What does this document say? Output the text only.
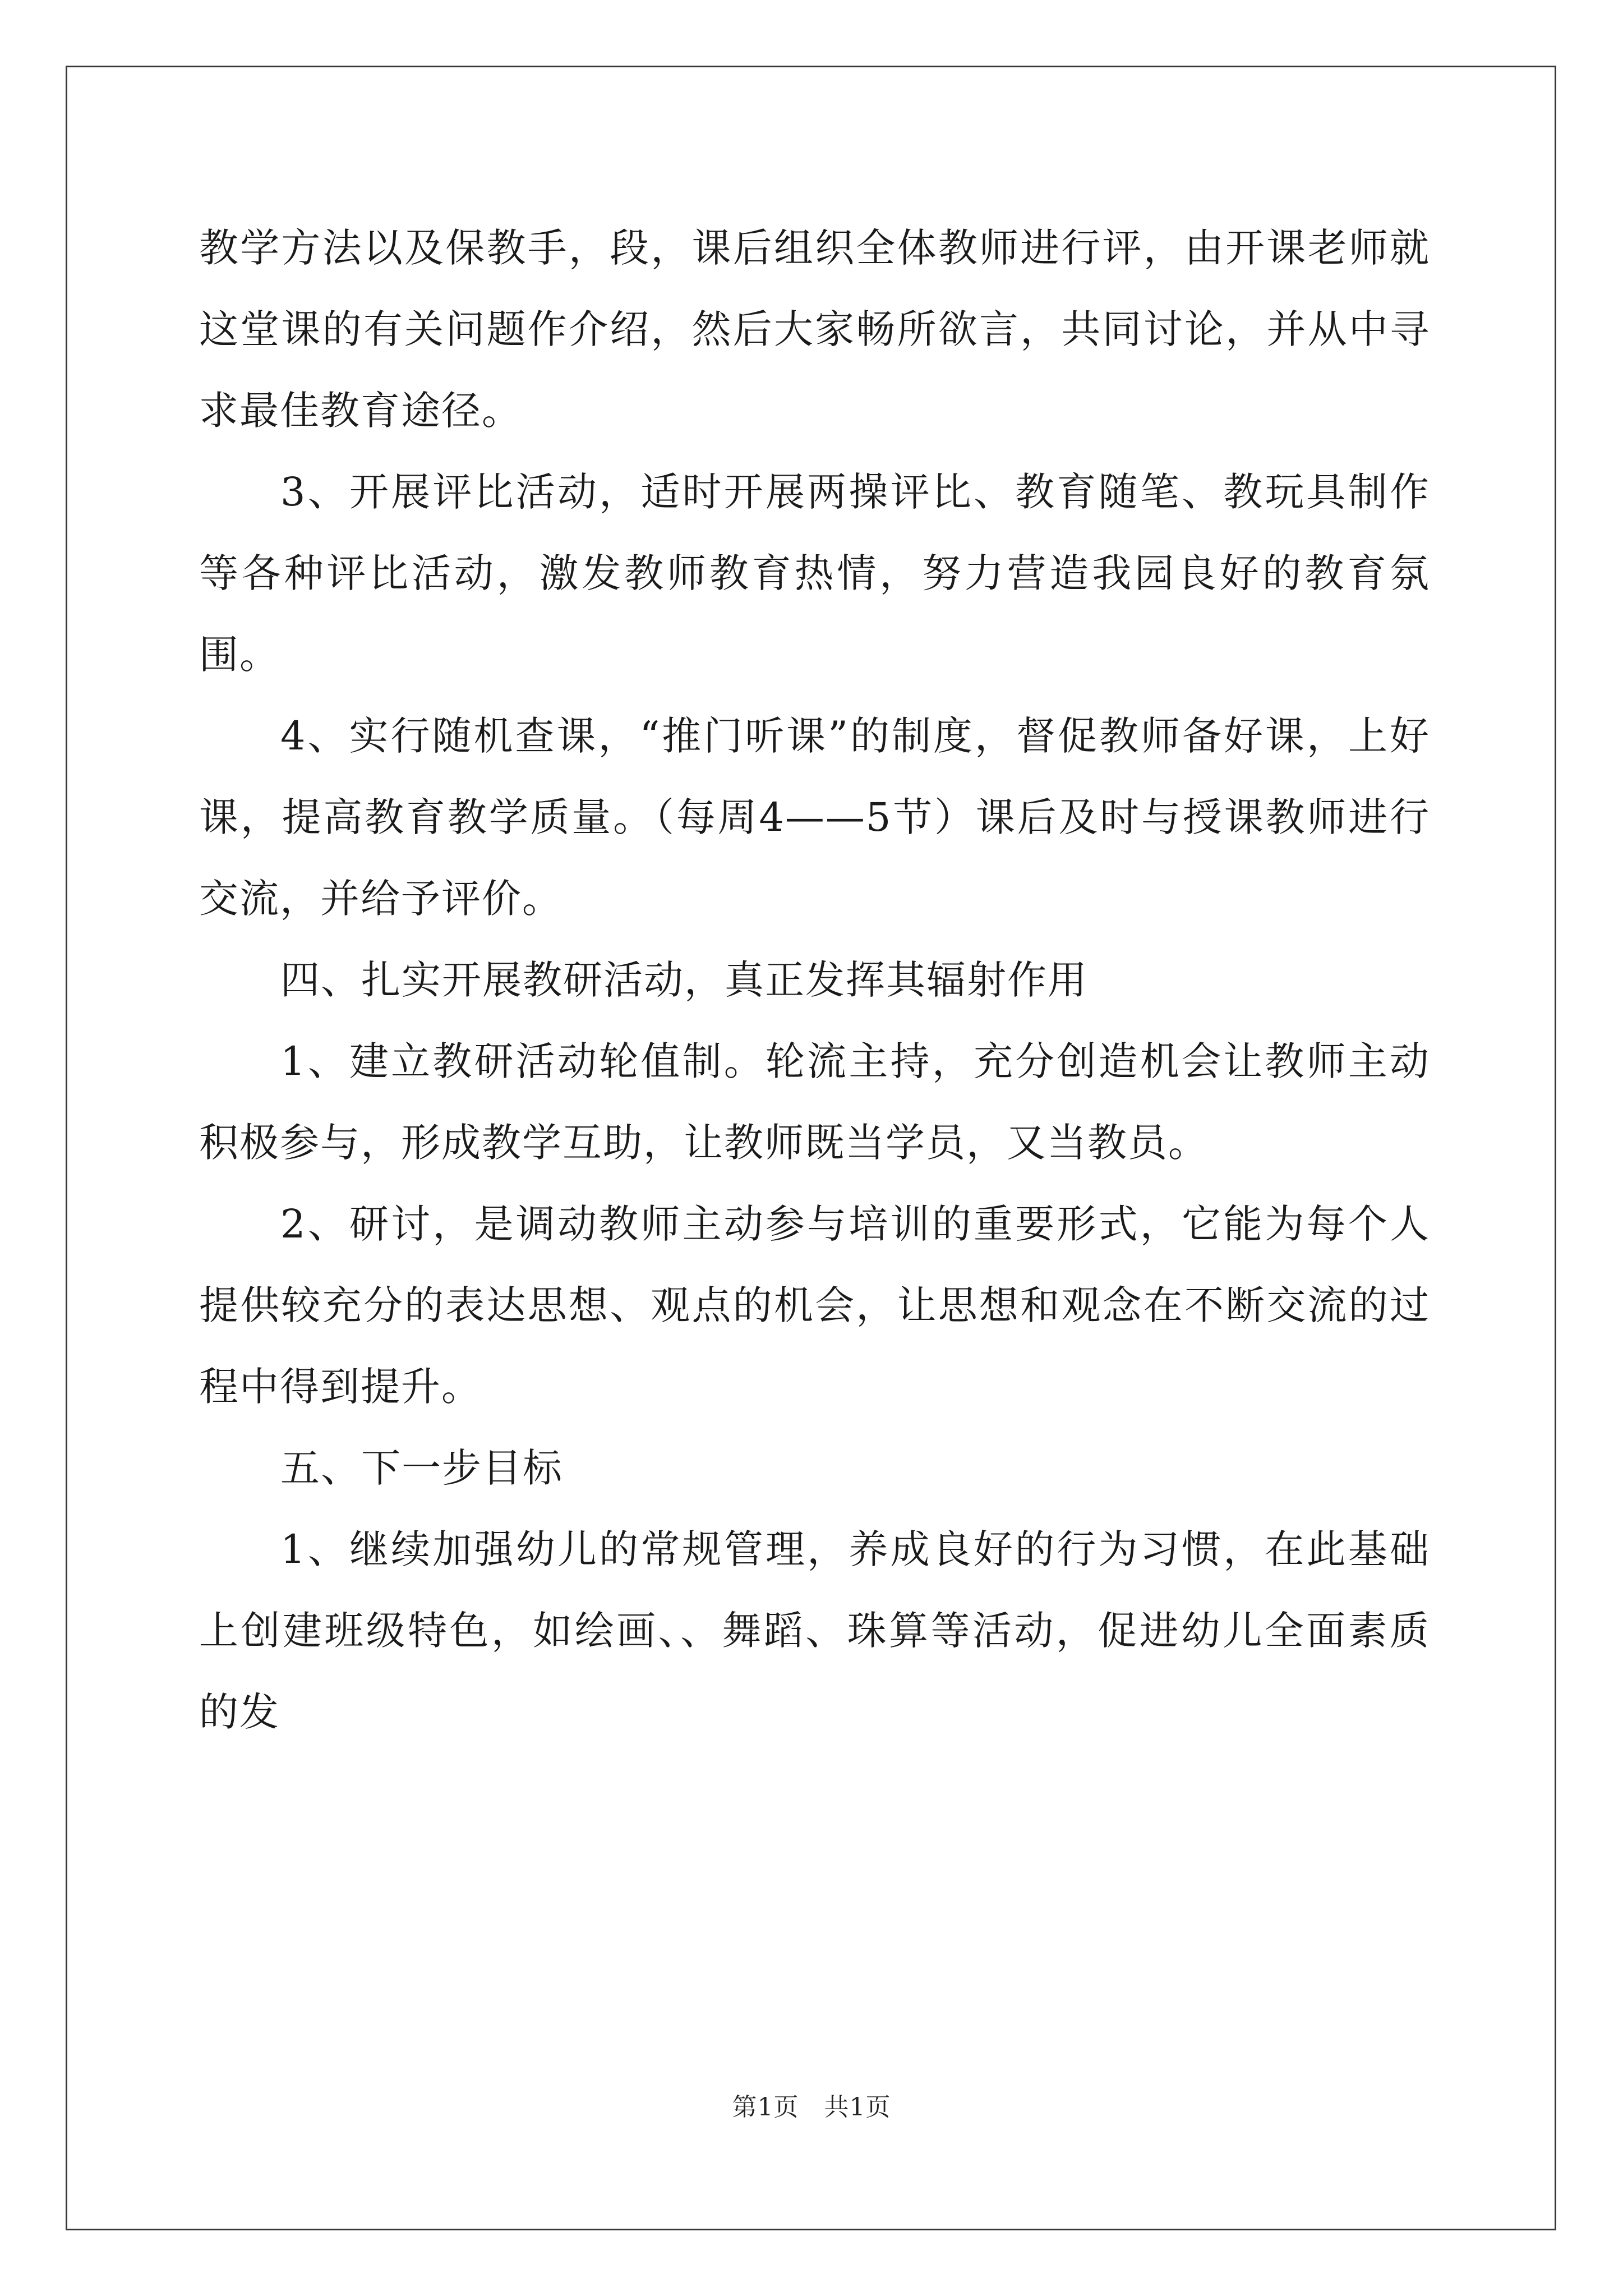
教学方法以及保教手，段，课后组织全体教师进行评，由开课老师就这堂课的有关问题作介绍，然后大家畅所欲言，共同讨论，并从中寻求最佳教育途径。

3、开展评比活动，适时开展两操评比、教育随笔、教玩具制作等各种评比活动，激发教师教育热情，努力营造我园良好的教育氛围。

4、实行随机查课，“推门听课”的制度，督促教师备好课，上好课，提高教育教学质量。（每周4——5节）课后及时与授课教师进行交流，并给予评价。

四、扎实开展教研活动，真正发挥其辐射作用

1、建立教研活动轮值制。轮流主持，充分创造机会让教师主动积极参与，形成教学互助，让教师既当学员，又当教员。

2、研讨，是调动教师主动参与培训的重要形式，它能为每个人提供较充分的表达思想、观点的机会，让思想和观念在不断交流的过程中得到提升。

五、下一步目标

1、继续加强幼儿的常规管理，养成良好的行为习惯，在此基础上创建班级特色，如绘画、、舞蹈、珠算等活动，促进幼儿全面素质的发

第1页　共1页
